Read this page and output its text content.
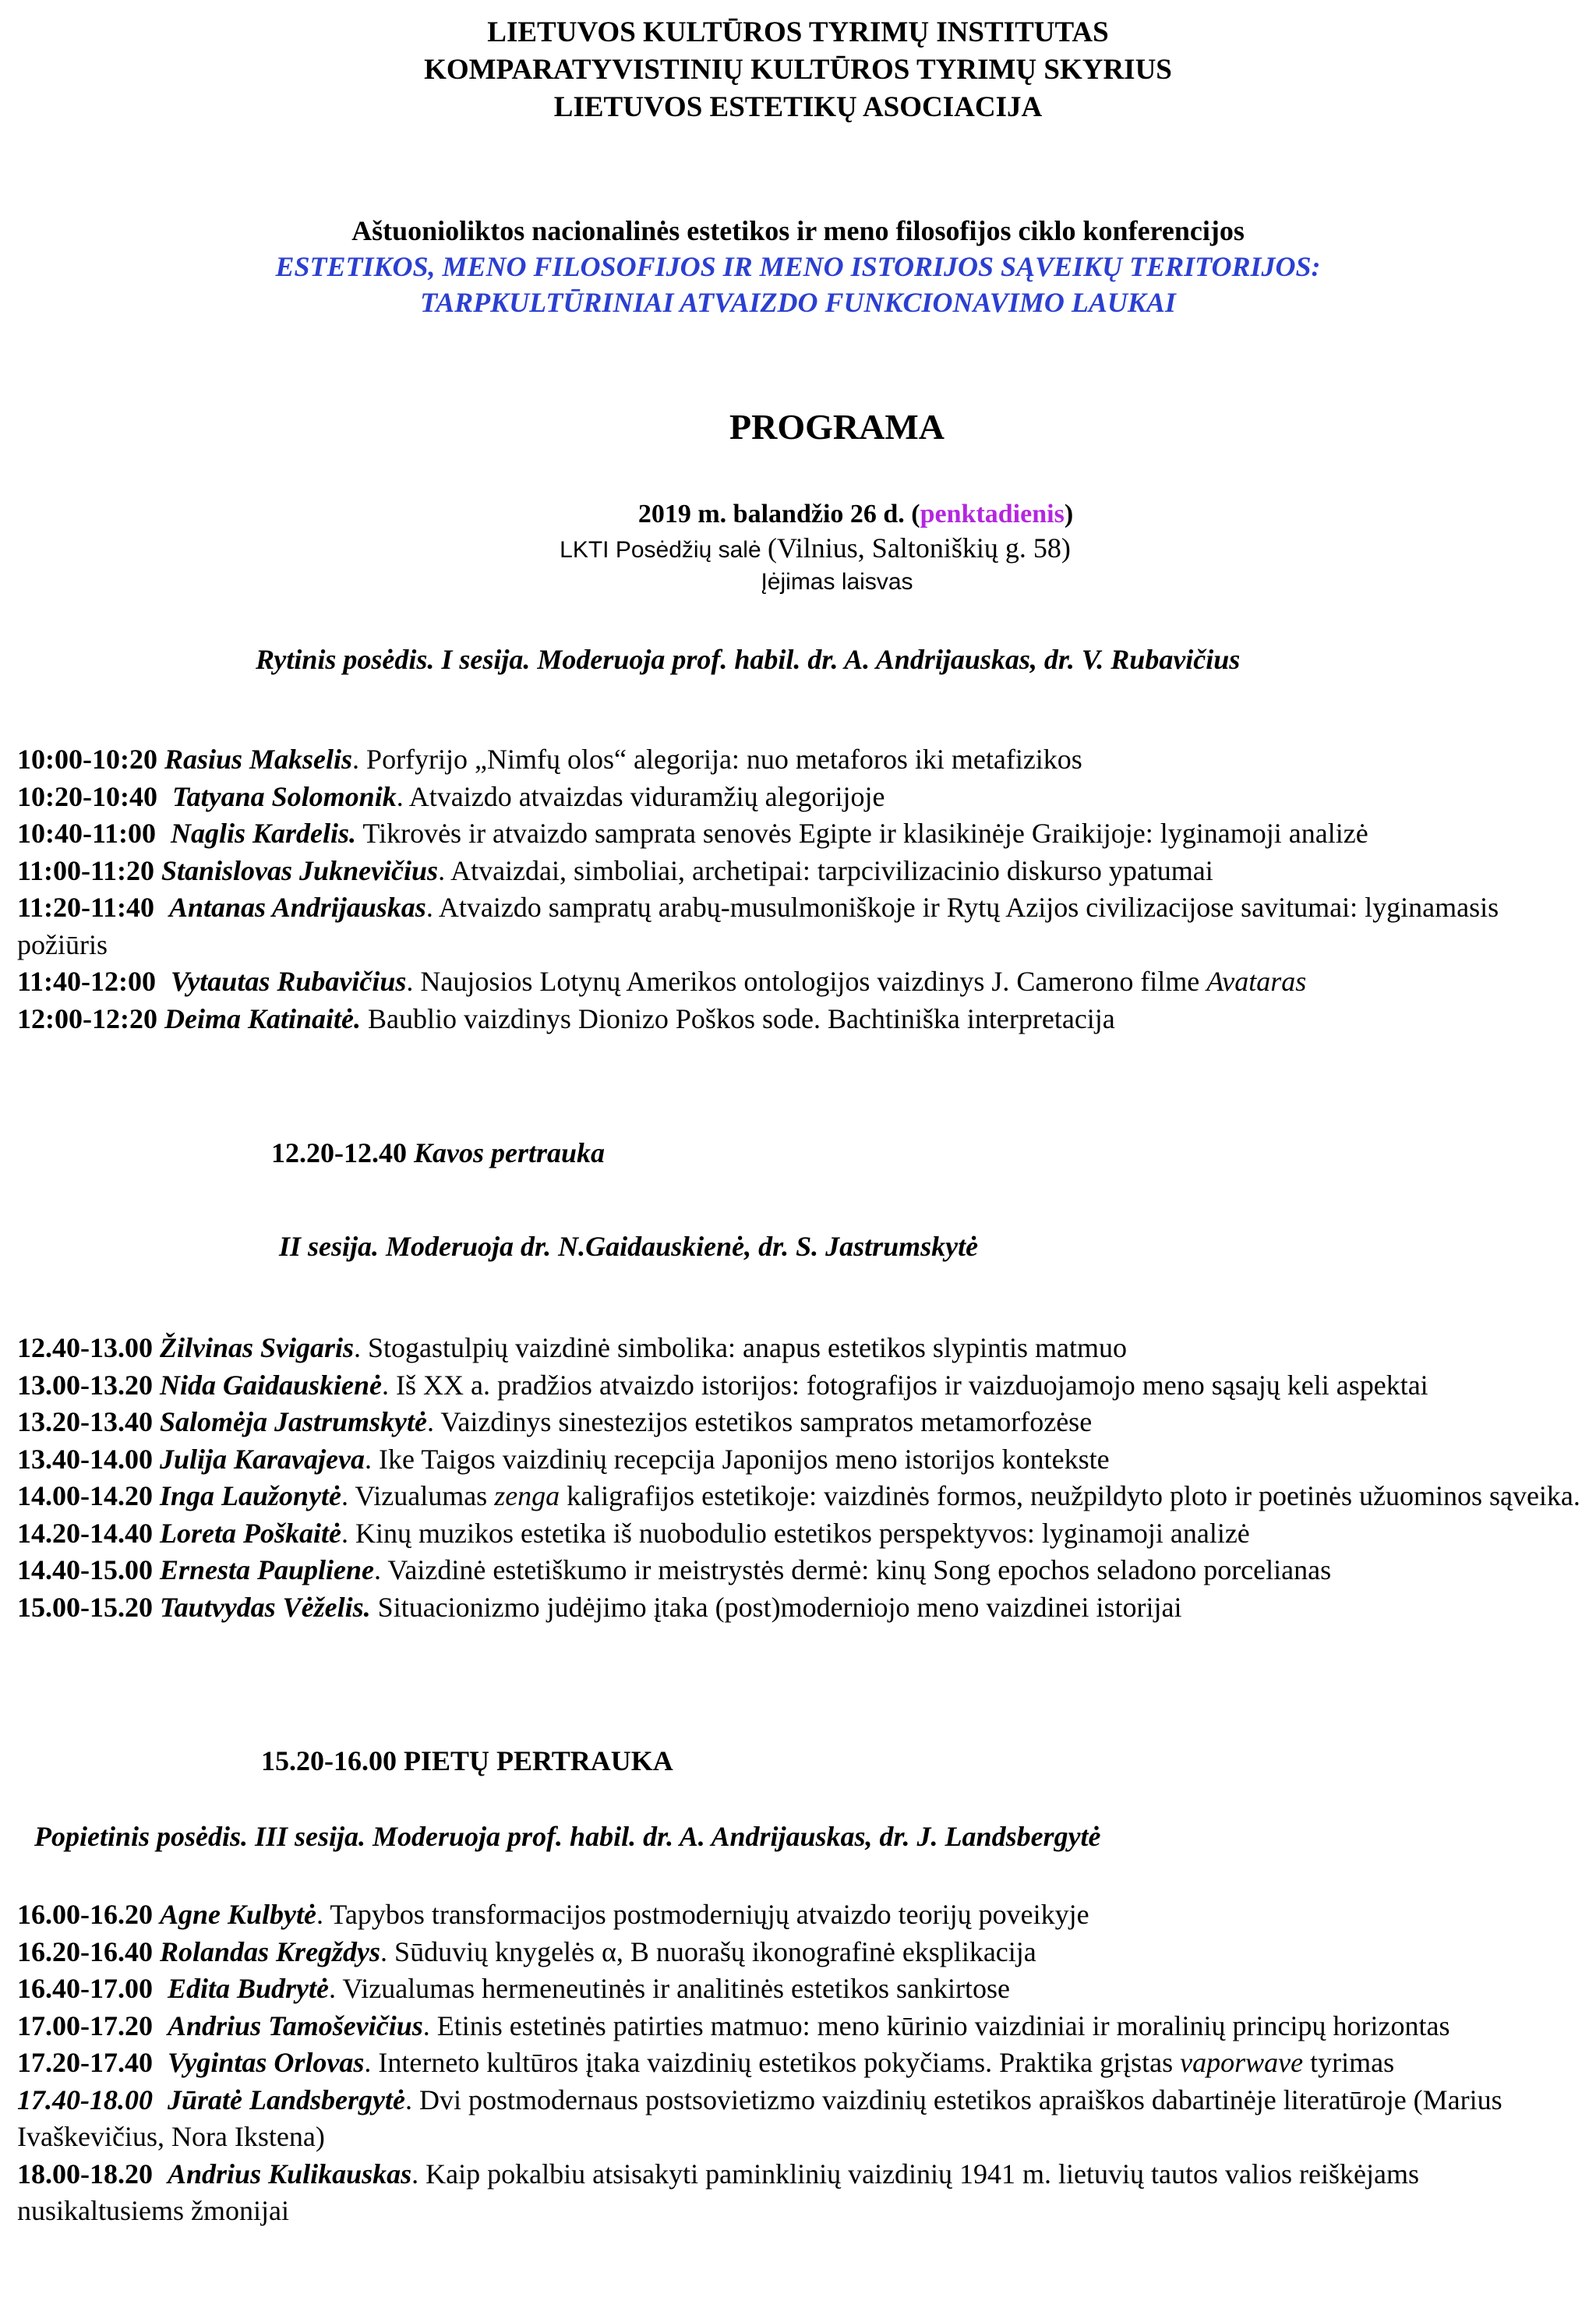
LIETUVOS KULTŪROS TYRIMŲ INSTITUTAS
KOMPARATYVISTINIŲ KULTŪROS TYRIMŲ SKYRIUS
LIETUVOS ESTETIKŲ ASOCIACIJA
Aštuonioliktos nacionalinės estetikos ir meno filosofijos ciklo konferencijos
ESTETIKOS, MENO FILOSOFIJOS IR MENO ISTORIJOS SĄVEIKŲ TERITORIJOS:
TARPKULTŪRINIAI ATVAIZDO FUNKCIONAVIMO LAUKAI
PROGRAMA
2019 m. balandžio 26 d. (penktadienis)
LKTI Posėdžių salė (Vilnius, Saltoniškių g. 58)
Įėjimas laisvas
Rytinis posėdis. I sesija. Moderuoja prof. habil. dr. A. Andrijauskas, dr. V. Rubavičius

10:00-10:20 Rasius Makselis. Porfyrijo „Nimfų olos“ alegorija: nuo metaforos iki metafizikos

10:20-10:40 Tatyana Solomonik. Atvaizdo atvaizdas viduramžių alegorijoje

10:40-11:00 Naglis Kardelis. Tikrovės ir atvaizdo samprata senovės Egipte ir klasikinėje Graikijoje: lyginamoji analizė

11:00-11:20 Stanislovas Juknevičius. Atvaizdai, simboliai, archetipai: tarpcivilizacinio diskurso ypatumai

11:20-11:40 Antanas Andrijauskas. Atvaizdo sampratų arabų-musulmoniškoje ir Rytų Azijos civilizacijose savitumai: lyginamasis požiūris

11:40-12:00 Vytautas Rubavičius. Naujosios Lotynų Amerikos ontologijos vaizdinys J. Camerono filme Avataras

12:00-12:20 Deima Katinaitė. Baublio vaizdinys Dionizo Poškos sode. Bachtiniška interpretacija

12.20-12.40 Kavos pertrauka
II sesija. Moderuoja dr. N.Gaidauskienė, dr. S. Jastrumskytė

12.40-13.00 Žilvinas Svigaris. Stogastulpių vaizdinė simbolika: anapus estetikos slypintis matmuo

13.00-13.20 Nida Gaidauskienė. Iš XX a. pradžios atvaizdo istorijos: fotografijos ir vaizduojamojo meno sąsajų keli aspektai

13.20-13.40 Salomėja Jastrumskytė. Vaizdinys sinestezijos estetikos sampratos metamorfozėse

13.40-14.00 Julija Karavajeva. Ike Taigos vaizdinių recepcija Japonijos meno istorijos kontekste

14.00-14.20 Inga Laužonytė. Vizualumas zenga kaligrafijos estetikoje: vaizdinės formos, neužpildyto ploto ir poetinės užuominos sąveika.

14.20-14.40 Loreta Poškaitė. Kinų muzikos estetika iš nuobodulio estetikos perspektyvos: lyginamoji analizė

14.40-15.00 Ernesta Paupliene. Vaizdinė estetiškumo ir meistrystės dermė: kinų Song epochos seladono porcelianas

15.00-15.20 Tautvydas Vėželis. Situacionizmo judėjimo įtaka (post)moderniojo meno vaizdinei istorijai

15.20-16.00 PIETŲ PERTRAUKA
Popietinis posėdis. III sesija. Moderuoja prof. habil. dr. A. Andrijauskas, dr. J. Landsbergytė

16.00-16.20 Agne Kulbytė. Tapybos transformacijos postmoderniųjų atvaizdo teorijų poveikyje

16.20-16.40 Rolandas Kregždys. Sūduvių knygelės α, B nuorašų ikonografinė eksplikacija

16.40-17.00 Edita Budrytė. Vizualumas hermeneutinės ir analitinės estetikos sankirtose

17.00-17.20 Andrius Tamoševičius. Etinis estetinės patirties matmuo: meno kūrinio vaizdiniai ir moralinių principų horizontas

17.20-17.40 Vygintas Orlovas. Interneto kultūros įtaka vaizdinių estetikos pokyčiams. Praktika grįstas vaporwave tyrimas

17.40-18.00 Jūratė Landsbergytė. Dvi postmodernaus postsovietizmo vaizdinių estetikos apraiškos dabartinėje literatūroje (Marius Ivaškevičius, Nora Ikstena)

18.00-18.20 Andrius Kulikauskas. Kaip pokalbiu atsisakyti paminklinių vaizdinių 1941 m. lietuvių tautos valios reiškėjams nusikaltusiems žmonijai
